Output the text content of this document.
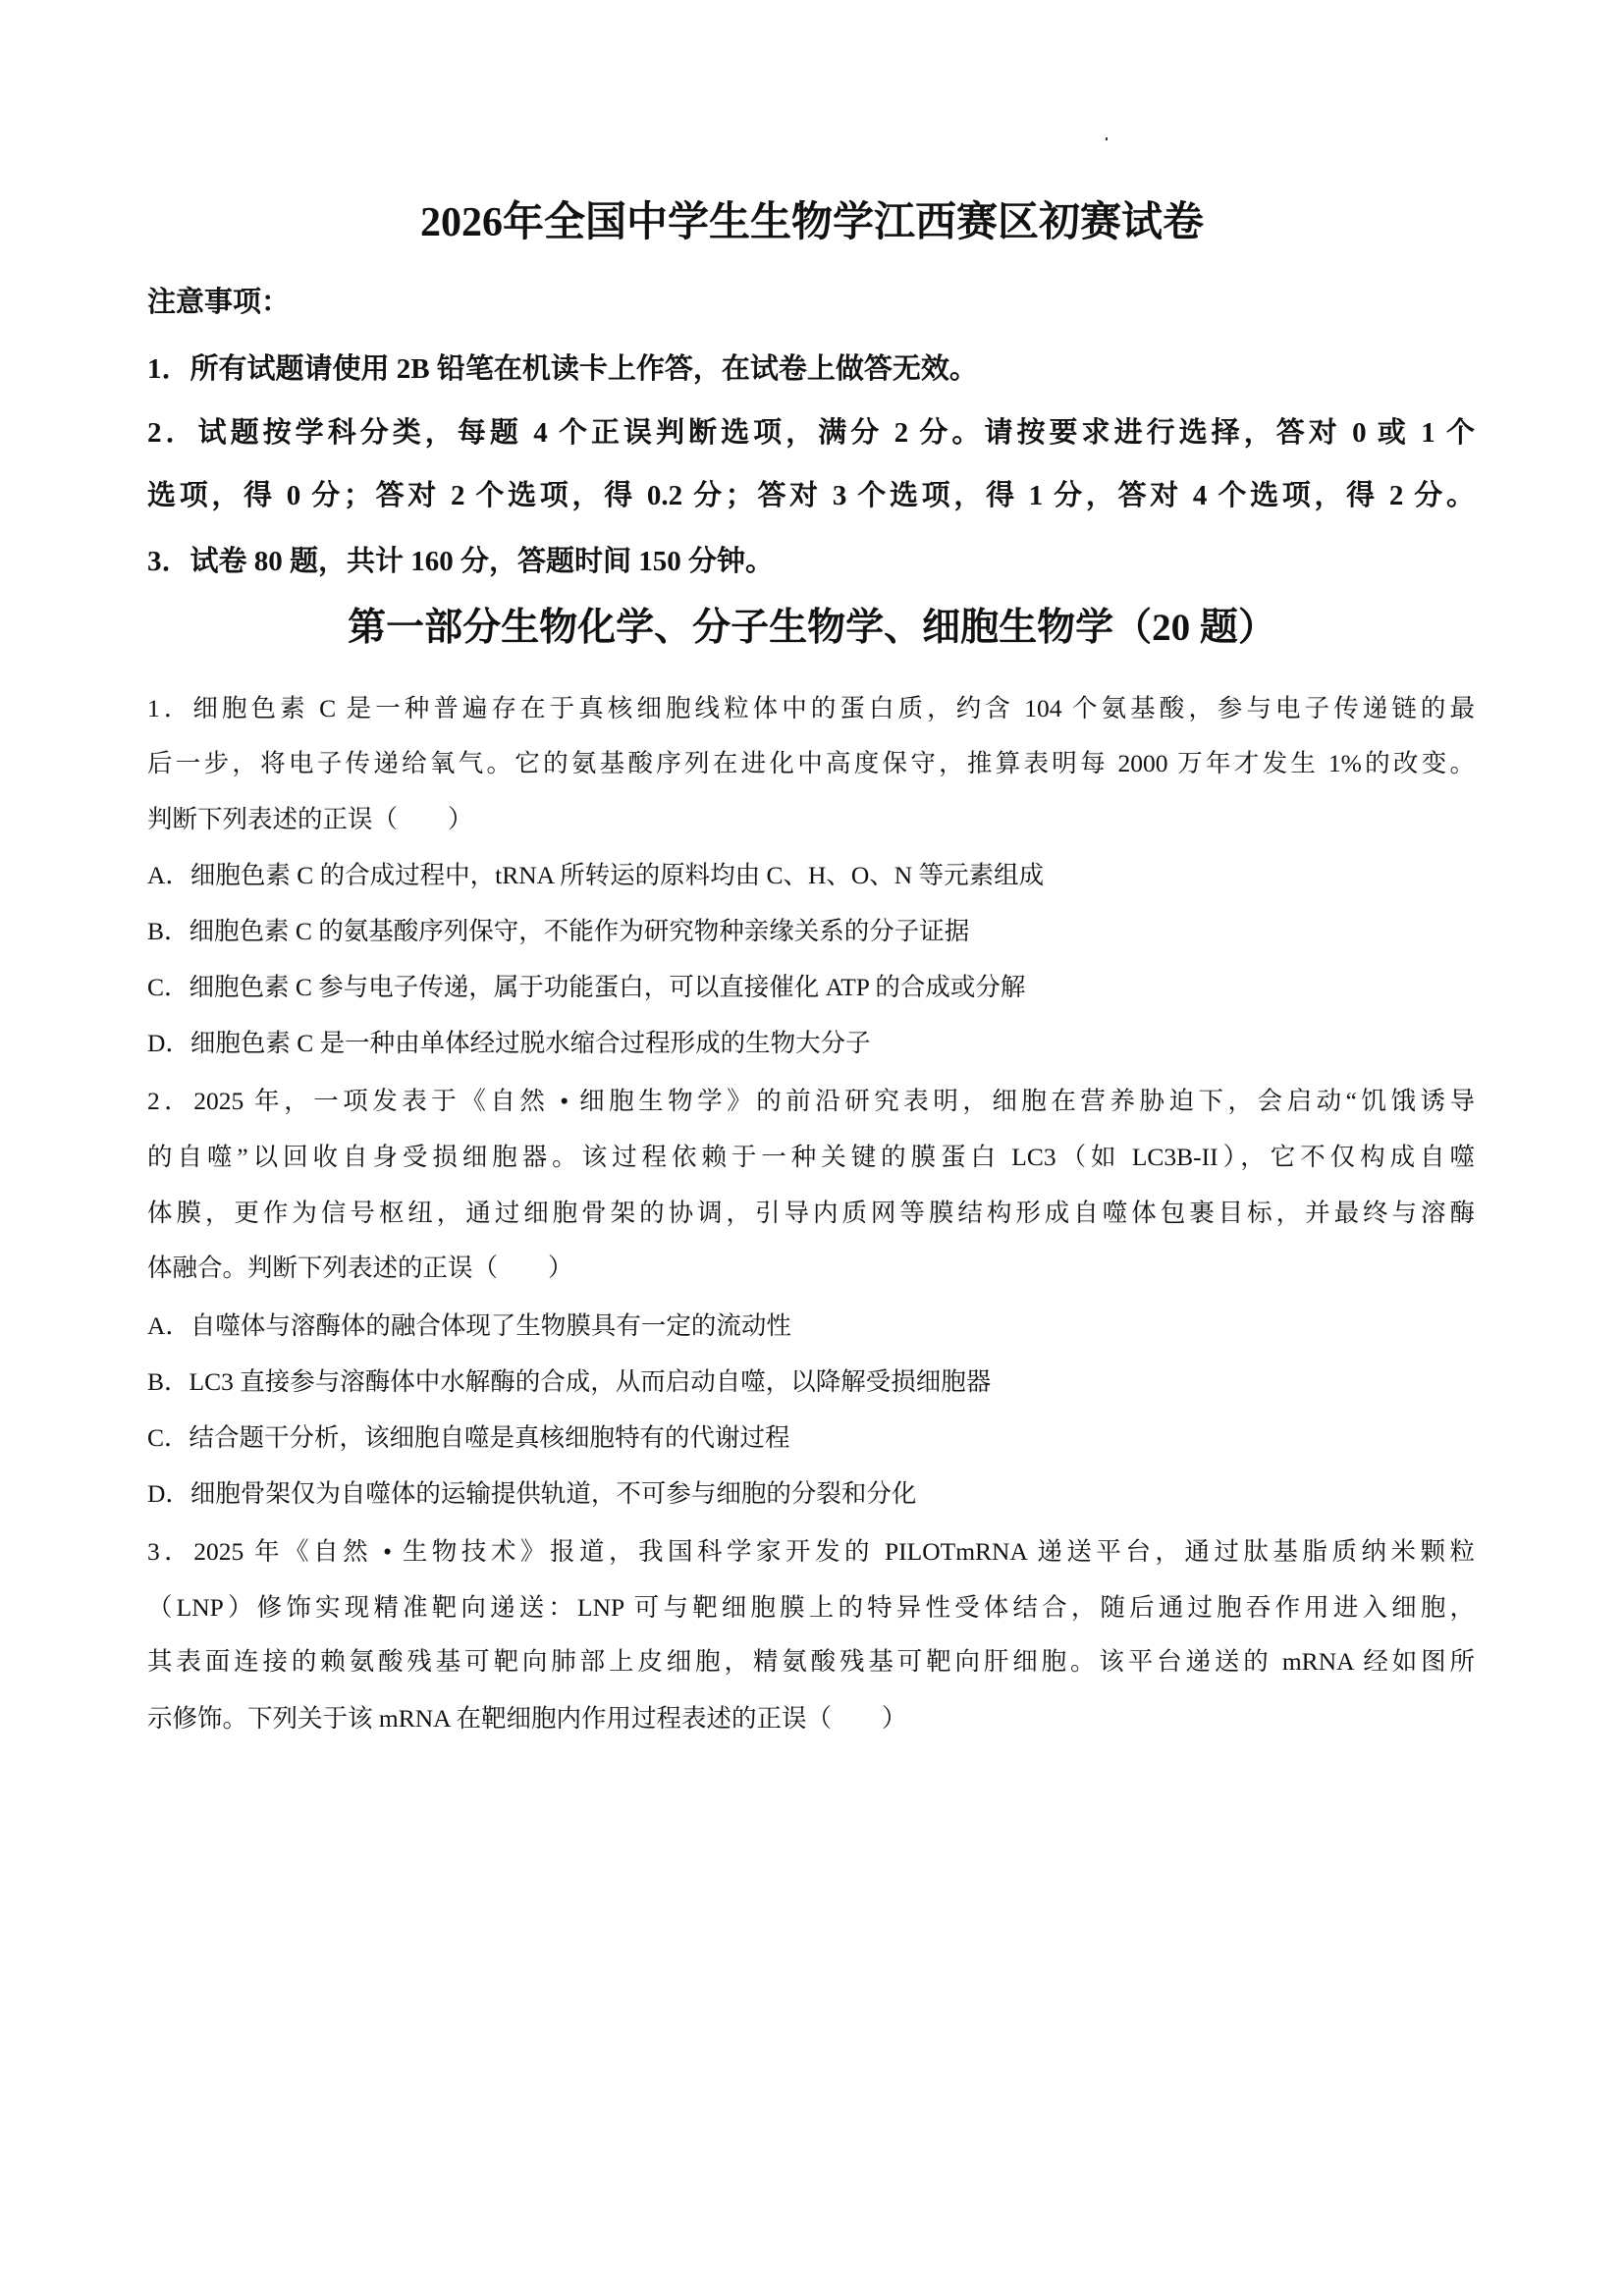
2026年全国中学生生物学江西赛区初赛试卷
注意事项：
1．所有试题请使用 2B 铅笔在机读卡上作答，在试卷上做答无效。
2．试题按学科分类，每题 4 个正误判断选项，满分 2 分。请按要求进行选择，答对 0 或 1 个
选项，得 0 分；答对 2 个选项，得 0.2 分；答对 3 个选项，得 1 分，答对 4 个选项，得 2 分。
3．试卷 80 题，共计 160 分，答题时间 150 分钟。
第一部分生物化学、分子生物学、细胞生物学（20 题）
1．细胞色素 C 是一种普遍存在于真核细胞线粒体中的蛋白质，约含 104 个氨基酸，参与电子传递链的最
后一步，将电子传递给氧气。它的氨基酸序列在进化中高度保守，推算表明每 2000 万年才发生 1%的改变。
判断下列表述的正误（　　）
A．细胞色素 C 的合成过程中，tRNA 所转运的原料均由 C、H、O、N 等元素组成
B．细胞色素 C 的氨基酸序列保守，不能作为研究物种亲缘关系的分子证据
C．细胞色素 C 参与电子传递，属于功能蛋白，可以直接催化 ATP 的合成或分解
D．细胞色素 C 是一种由单体经过脱水缩合过程形成的生物大分子
2．2025 年，一项发表于《自然 • 细胞生物学》的前沿研究表明，细胞在营养胁迫下，会启动“饥饿诱导
的自噬”以回收自身受损细胞器。该过程依赖于一种关键的膜蛋白 LC3（如 LC3B-II），它不仅构成自噬
体膜，更作为信号枢纽，通过细胞骨架的协调，引导内质网等膜结构形成自噬体包裹目标，并最终与溶酶
体融合。判断下列表述的正误（　　）
A．自噬体与溶酶体的融合体现了生物膜具有一定的流动性
B．LC3 直接参与溶酶体中水解酶的合成，从而启动自噬，以降解受损细胞器
C．结合题干分析，该细胞自噬是真核细胞特有的代谢过程
D．细胞骨架仅为自噬体的运输提供轨道，不可参与细胞的分裂和分化
3．2025 年《自然 • 生物技术》报道，我国科学家开发的 PILOTmRNA 递送平台，通过肽基脂质纳米颗粒
（LNP）修饰实现精准靶向递送：LNP 可与靶细胞膜上的特异性受体结合，随后通过胞吞作用进入细胞，
其表面连接的赖氨酸残基可靶向肺部上皮细胞，精氨酸残基可靶向肝细胞。该平台递送的 mRNA 经如图所
示修饰。下列关于该 mRNA 在靶细胞内作用过程表述的正误（　　）
